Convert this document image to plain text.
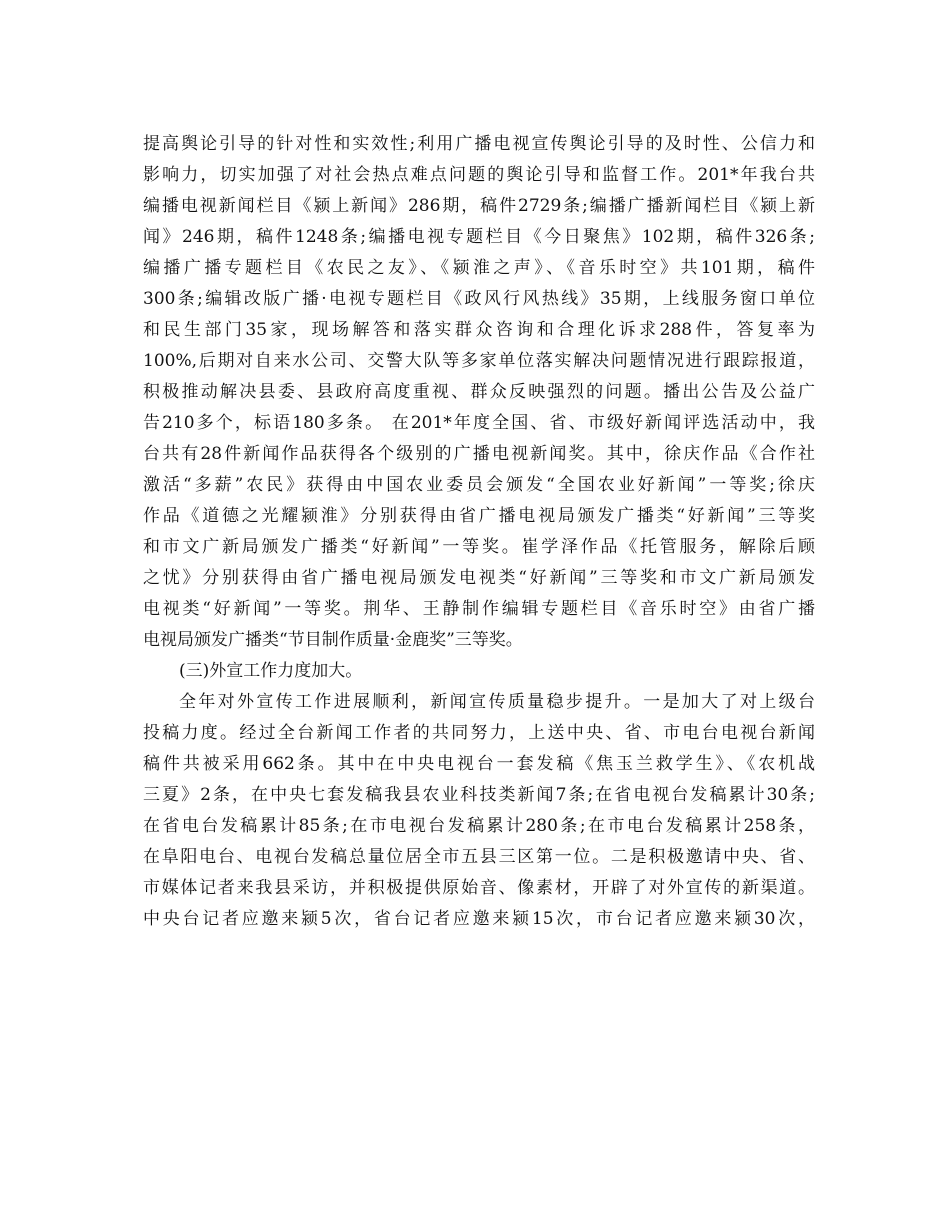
提高舆论引导的针对性和实效性;利用广播电视宣传舆论引导的及时性、公信力和
影响力，切实加强了对社会热点难点问题的舆论引导和监督工作。201*年我台共
编播电视新闻栏目《颍上新闻》286期，稿件2729条;编播广播新闻栏目《颍上新
闻》246期，稿件1248条;编播电视专题栏目《今日聚焦》102期，稿件326条;
编播广播专题栏目《农民之友》、《颍淮之声》、《音乐时空》共101期，稿件
300条;编辑改版广播·电视专题栏目《政风行风热线》35期，上线服务窗口单位
和民生部门35家，现场解答和落实群众咨询和合理化诉求288件，答复率为
100%,后期对自来水公司、交警大队等多家单位落实解决问题情况进行跟踪报道，
积极推动解决县委、县政府高度重视、群众反映强烈的问题。播出公告及公益广
告210多个，标语180多条。 在201*年度全国、省、市级好新闻评选活动中，我
台共有28件新闻作品获得各个级别的广播电视新闻奖。其中，徐庆作品《合作社
激活“多薪”农民》获得由中国农业委员会颁发“全国农业好新闻”一等奖;徐庆
作品《道德之光耀颍淮》分别获得由省广播电视局颁发广播类“好新闻”三等奖
和市文广新局颁发广播类“好新闻”一等奖。崔学泽作品《托管服务，解除后顾
之忧》分别获得由省广播电视局颁发电视类“好新闻”三等奖和市文广新局颁发
电视类“好新闻”一等奖。荆华、王静制作编辑专题栏目《音乐时空》由省广播
电视局颁发广播类“节目制作质量·金鹿奖”三等奖。
(三)外宣工作力度加大。
全年对外宣传工作进展顺利，新闻宣传质量稳步提升。一是加大了对上级台
投稿力度。经过全台新闻工作者的共同努力，上送中央、省、市电台电视台新闻
稿件共被采用662条。其中在中央电视台一套发稿《焦玉兰救学生》、《农机战
三夏》2条，在中央七套发稿我县农业科技类新闻7条;在省电视台发稿累计30条;
在省电台发稿累计85条;在市电视台发稿累计280条;在市电台发稿累计258条，
在阜阳电台、电视台发稿总量位居全市五县三区第一位。二是积极邀请中央、省、
市媒体记者来我县采访，并积极提供原始音、像素材，开辟了对外宣传的新渠道。
中央台记者应邀来颍5次，省台记者应邀来颍15次，市台记者应邀来颍30次，
